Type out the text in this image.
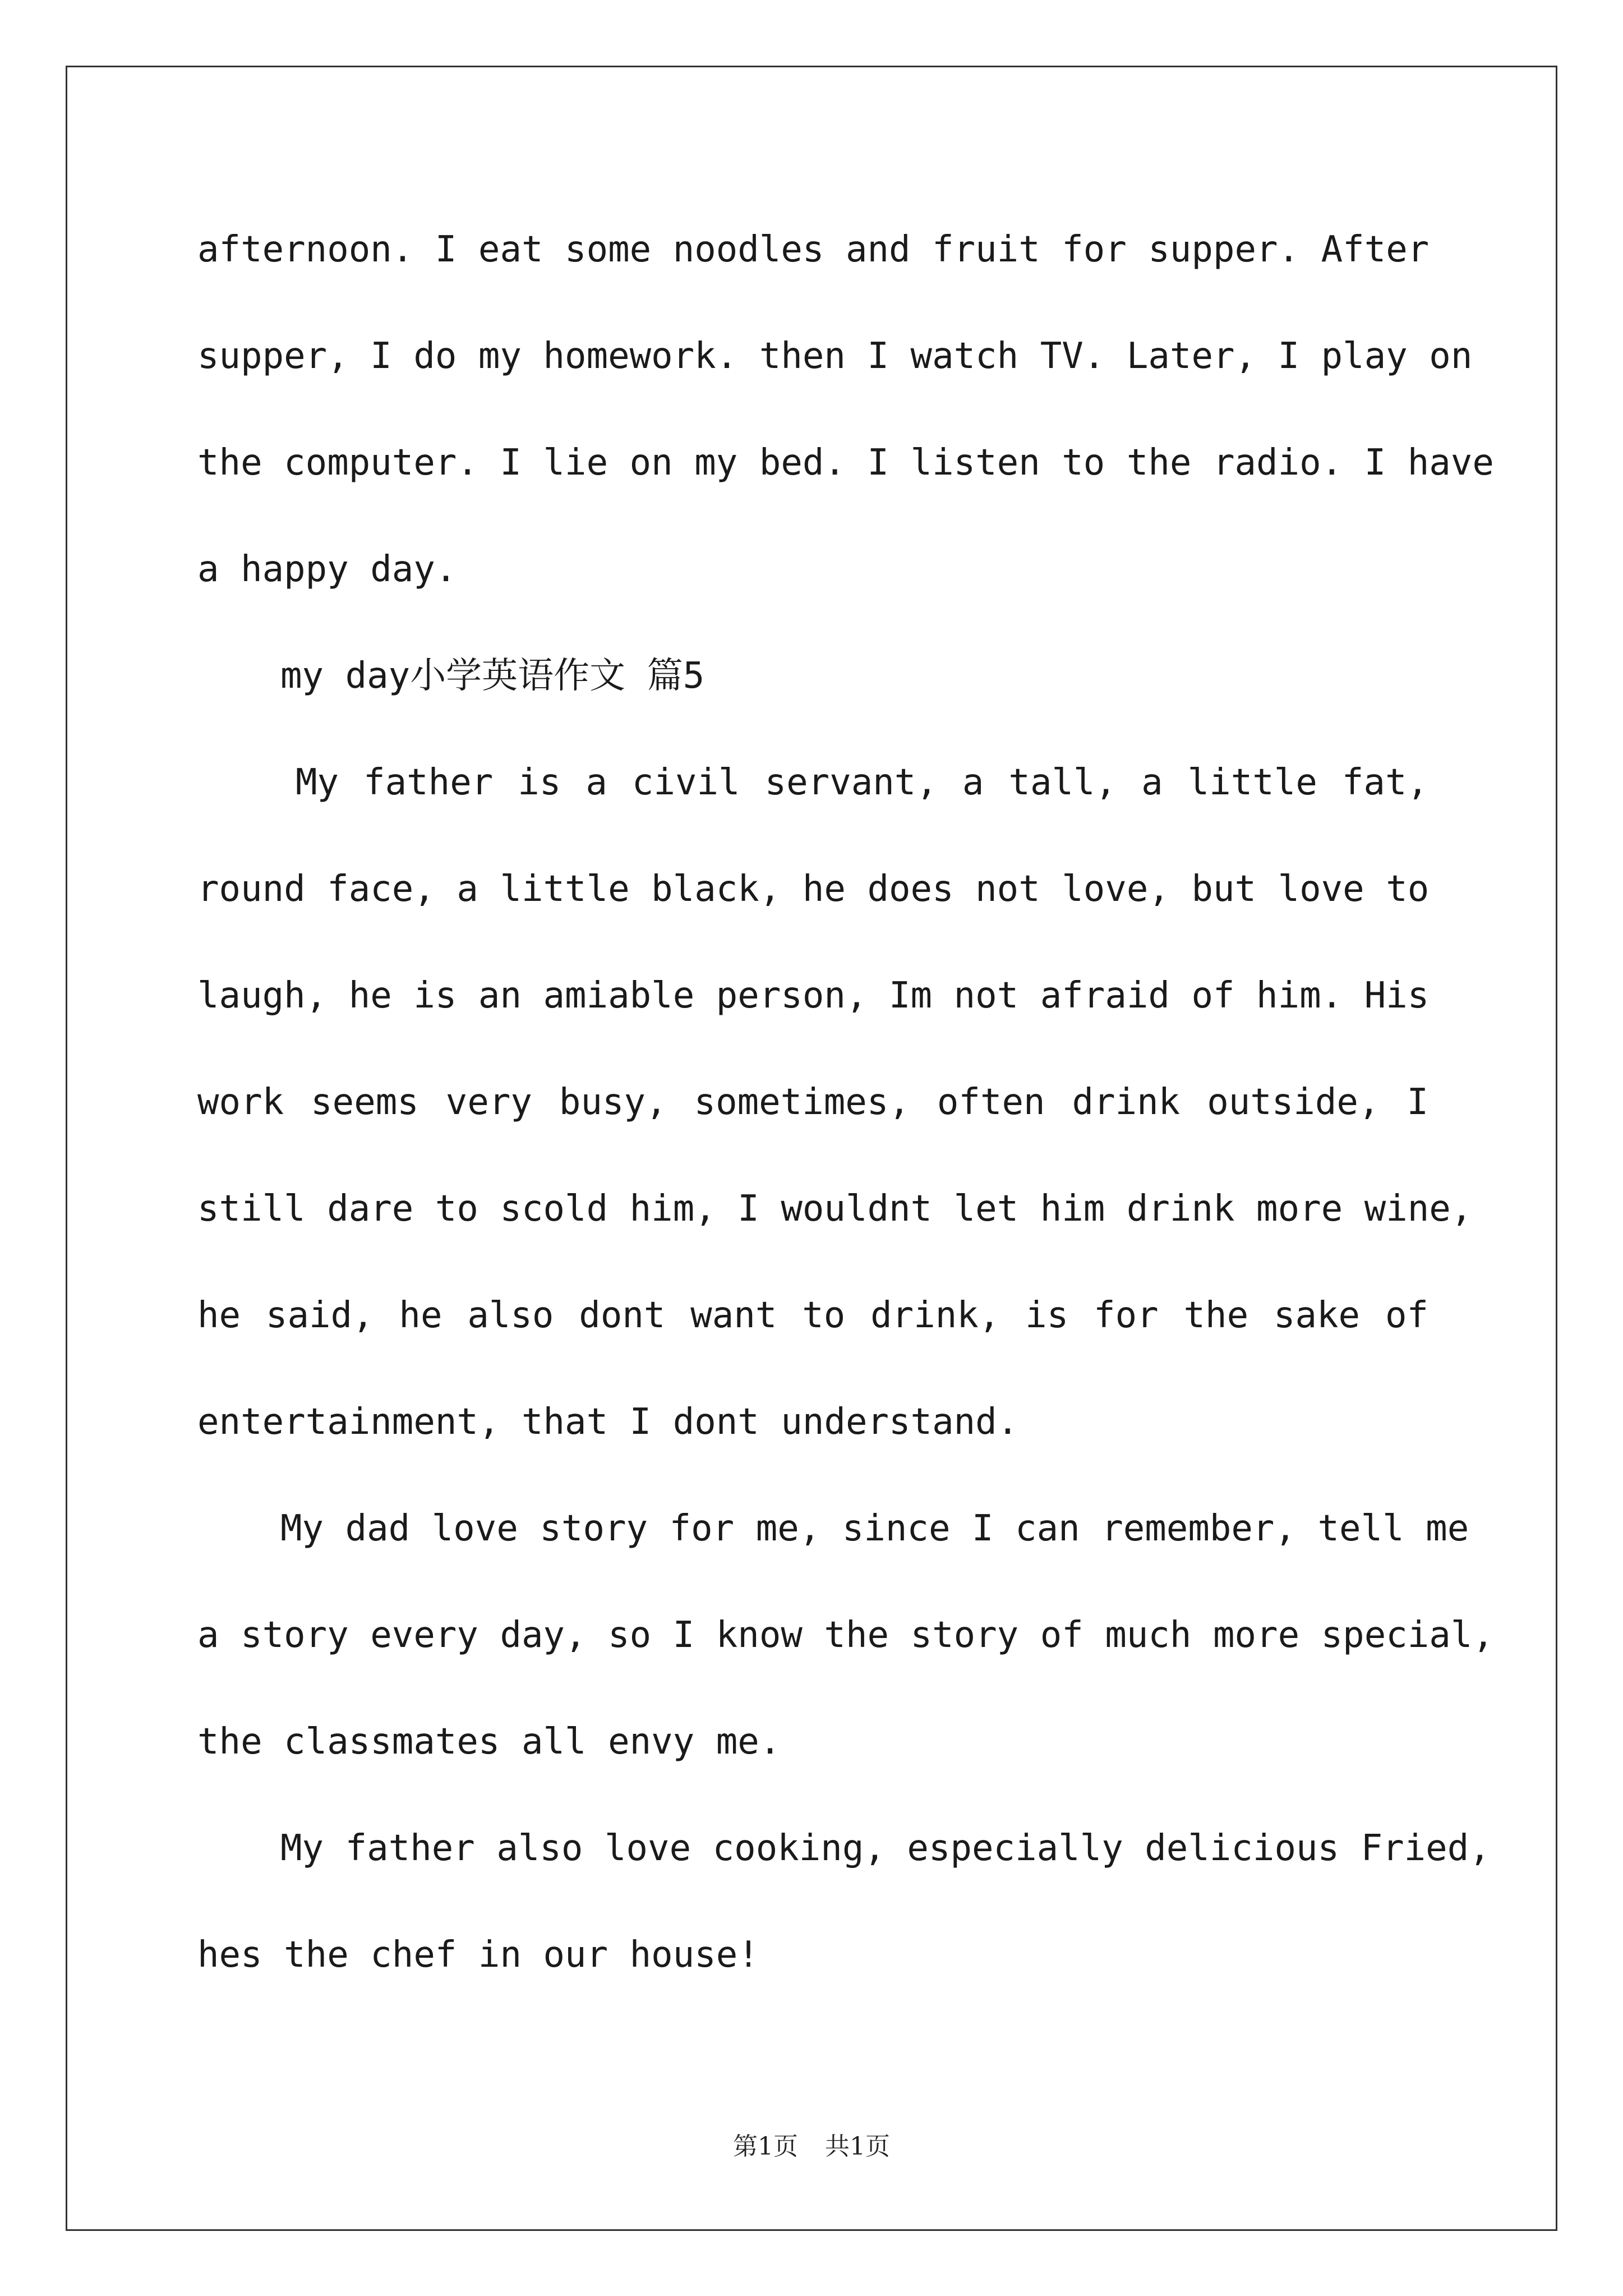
afternoon. I eat some noodles and fruit for supper. After
supper, I do my homework. then I watch TV. Later, I play on
the computer. I lie on my bed. I listen to the radio. I have
a happy day.
my day小学英语作文 篇5
My father is a civil servant, a tall, a little fat,
round face, a little black, he does not love, but love to
laugh, he is an amiable person, Im not afraid of him. His
work seems very busy, sometimes, often drink outside, I
still dare to scold him, I wouldnt let him drink more wine,
he said, he also dont want to drink, is for the sake of
entertainment, that I dont understand.
My dad love story for me, since I can remember, tell me
a story every day, so I know the story of much more special,
the classmates all envy me.
My father also love cooking, especially delicious Fried,
hes the chef in our house!
第1页 共1页
